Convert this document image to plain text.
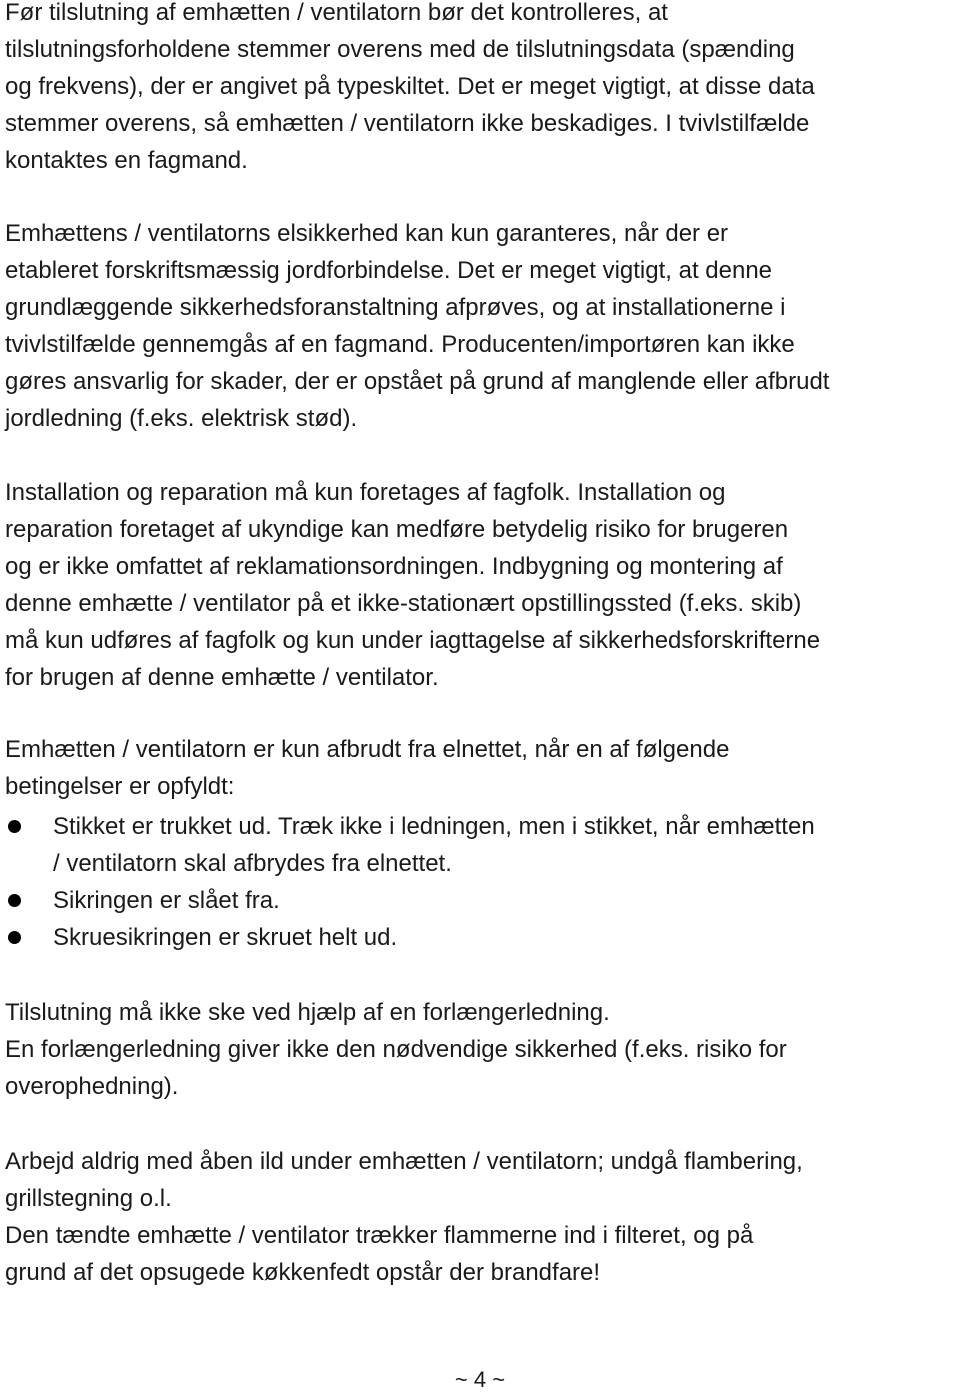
Før tilslutning af emhætten / ventilatorn bør det kontrolleres, at
tilslutningsforholdene stemmer overens med de tilslutningsdata (spænding
og frekvens), der er angivet på typeskiltet. Det er meget vigtigt, at disse data
stemmer overens, så emhætten / ventilatorn ikke beskadiges. I tvivlstilfælde
kontaktes en fagmand.

Emhættens / ventilatorns elsikkerhed kan kun garanteres, når der er
etableret forskriftsmæssig jordforbindelse. Det er meget vigtigt, at denne
grundlæggende sikkerhedsforanstaltning afprøves, og at installationerne i
tvivlstilfælde gennemgås af en fagmand. Producenten/importøren kan ikke
gøres ansvarlig for skader, der er opstået på grund af manglende eller afbrudt
jordledning (f.eks. elektrisk stød).

Installation og reparation må kun foretages af fagfolk. Installation og
reparation foretaget af ukyndige kan medføre betydelig risiko for brugeren
og er ikke omfattet af reklamationsordningen. Indbygning og montering af
denne emhætte / ventilator på et ikke-stationært opstillingssted (f.eks. skib)
må kun udføres af fagfolk og kun under iagttagelse af sikkerhedsforskrifterne
for brugen af denne emhætte / ventilator.

Emhætten / ventilatorn er kun afbrudt fra elnettet, når en af følgende
betingelser er opfyldt:

Stikket er trukket ud. Træk ikke i ledningen, men i stikket, når emhætten
/ ventilatorn skal afbrydes fra elnettet.
Sikringen er slået fra.
Skruesikringen er skruet helt ud.

Tilslutning må ikke ske ved hjælp af en forlængerledning.
En forlængerledning giver ikke den nødvendige sikkerhed (f.eks. risiko for
overophedning).

Arbejd aldrig med åben ild under emhætten / ventilatorn; undgå flambering,
grillstegning o.l.
Den tændte emhætte / ventilator trækker flammerne ind i filteret, og på
grund af det opsugede køkkenfedt opstår der brandfare!

~ 4 ~
